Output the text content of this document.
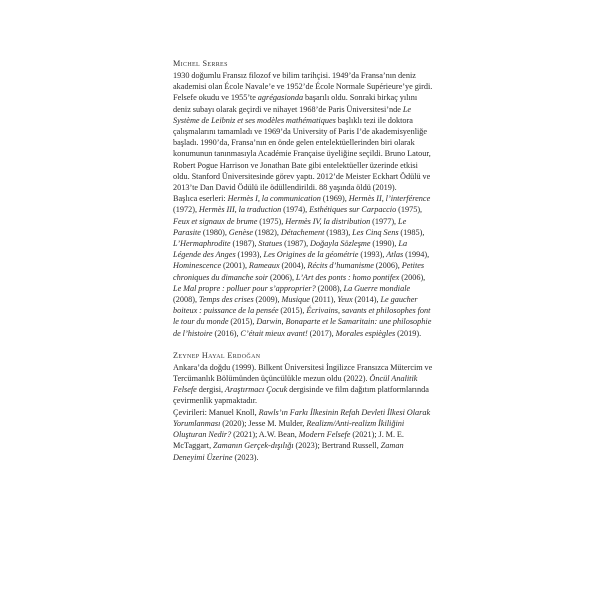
Michel Serres

1930 doğumlu Fransız filozof ve bilim tarihçisi. 1949’da Fransa’nın deniz akademisi olan École Navale’e ve 1952’de École Normale Supérieure’ye girdi. Felsefe okudu ve 1955’te agrégasionda başarılı oldu. Sonraki birkaç yılını deniz subayı olarak geçirdi ve nihayet 1968’de Paris Üniversitesi’nde Le Système de Leibniz et ses modèles mathématiques başlıklı tezi ile doktora çalışmalarını tamamladı ve 1969’da University of Paris I’de akademisyenliğe başladı. 1990’da, Fransa’nın en önde gelen entelektüellerinden biri olarak konumunun tanınmasıyla Académie Française üyeliğine seçildi. Bruno Latour, Robert Pogue Harrison ve Jonathan Bate gibi entelektüeller üzerinde etkisi oldu. Stanford Üniversitesinde görev yaptı. 2012’de Meister Eckhart Ödülü ve 2013’te Dan David Ödülü ile ödüllendirildi. 88 yaşında öldü (2019).

Başlıca eserleri: Hermès I, la communication (1969), Hermès II, l’interférence (1972), Hermès III, la traduction (1974), Esthétiques sur Carpaccio (1975), Feux et signaux de brume (1975), Hermès IV, la distribution (1977), Le Parasite (1980), Genèse (1982), Détachement (1983), Les Cinq Sens (1985), L’Hermaphrodite (1987), Statues (1987), Doğayla Sözleşme (1990), La Légende des Anges (1993), Les Origines de la géométrie (1993), Atlas (1994), Hominescence (2001), Rameaux (2004), Récits d’humanisme (2006), Petites chroniques du dimanche soir (2006), L’Art des ponts : homo pontifex (2006), Le Mal propre : polluer pour s’approprier? (2008), La Guerre mondiale (2008), Temps des crises (2009), Musique (2011), Yeux (2014), Le gaucher boiteux : puissance de la pensée (2015), Écrivains, savants et philosophes font le tour du monde (2015), Darwin, Bonaparte et le Samaritain: une philosophie de l’histoire (2016), C’était mieux avant! (2017), Morales espiègles (2019).

Zeynep Hayal Erdoğan

Ankara’da doğdu (1999). Bilkent Üniversitesi İngilizce Fransızca Mütercim ve Tercümanlık Bölümünden üçüncülükle mezun oldu (2022). Öncül Analitik Felsefe dergisi, Araştırmacı Çocuk dergisinde ve film dağıtım platformlarında çevirmenlik yapmaktadır.

Çevirileri: Manuel Knoll, Rawls’ın Farkı İlkesinin Refah Devleti İlkesi Olarak Yorumlanması (2020); Jesse M. Mulder, Realizm/Anti-realizm İkiliğini Oluşturan Nedir? (2021); A.W. Bean, Modern Felsefe (2021); J. M. E. McTaggart, Zamanın Gerçek-dışılığı (2023); Bertrand Russell, Zaman Deneyimi Üzerine (2023).
